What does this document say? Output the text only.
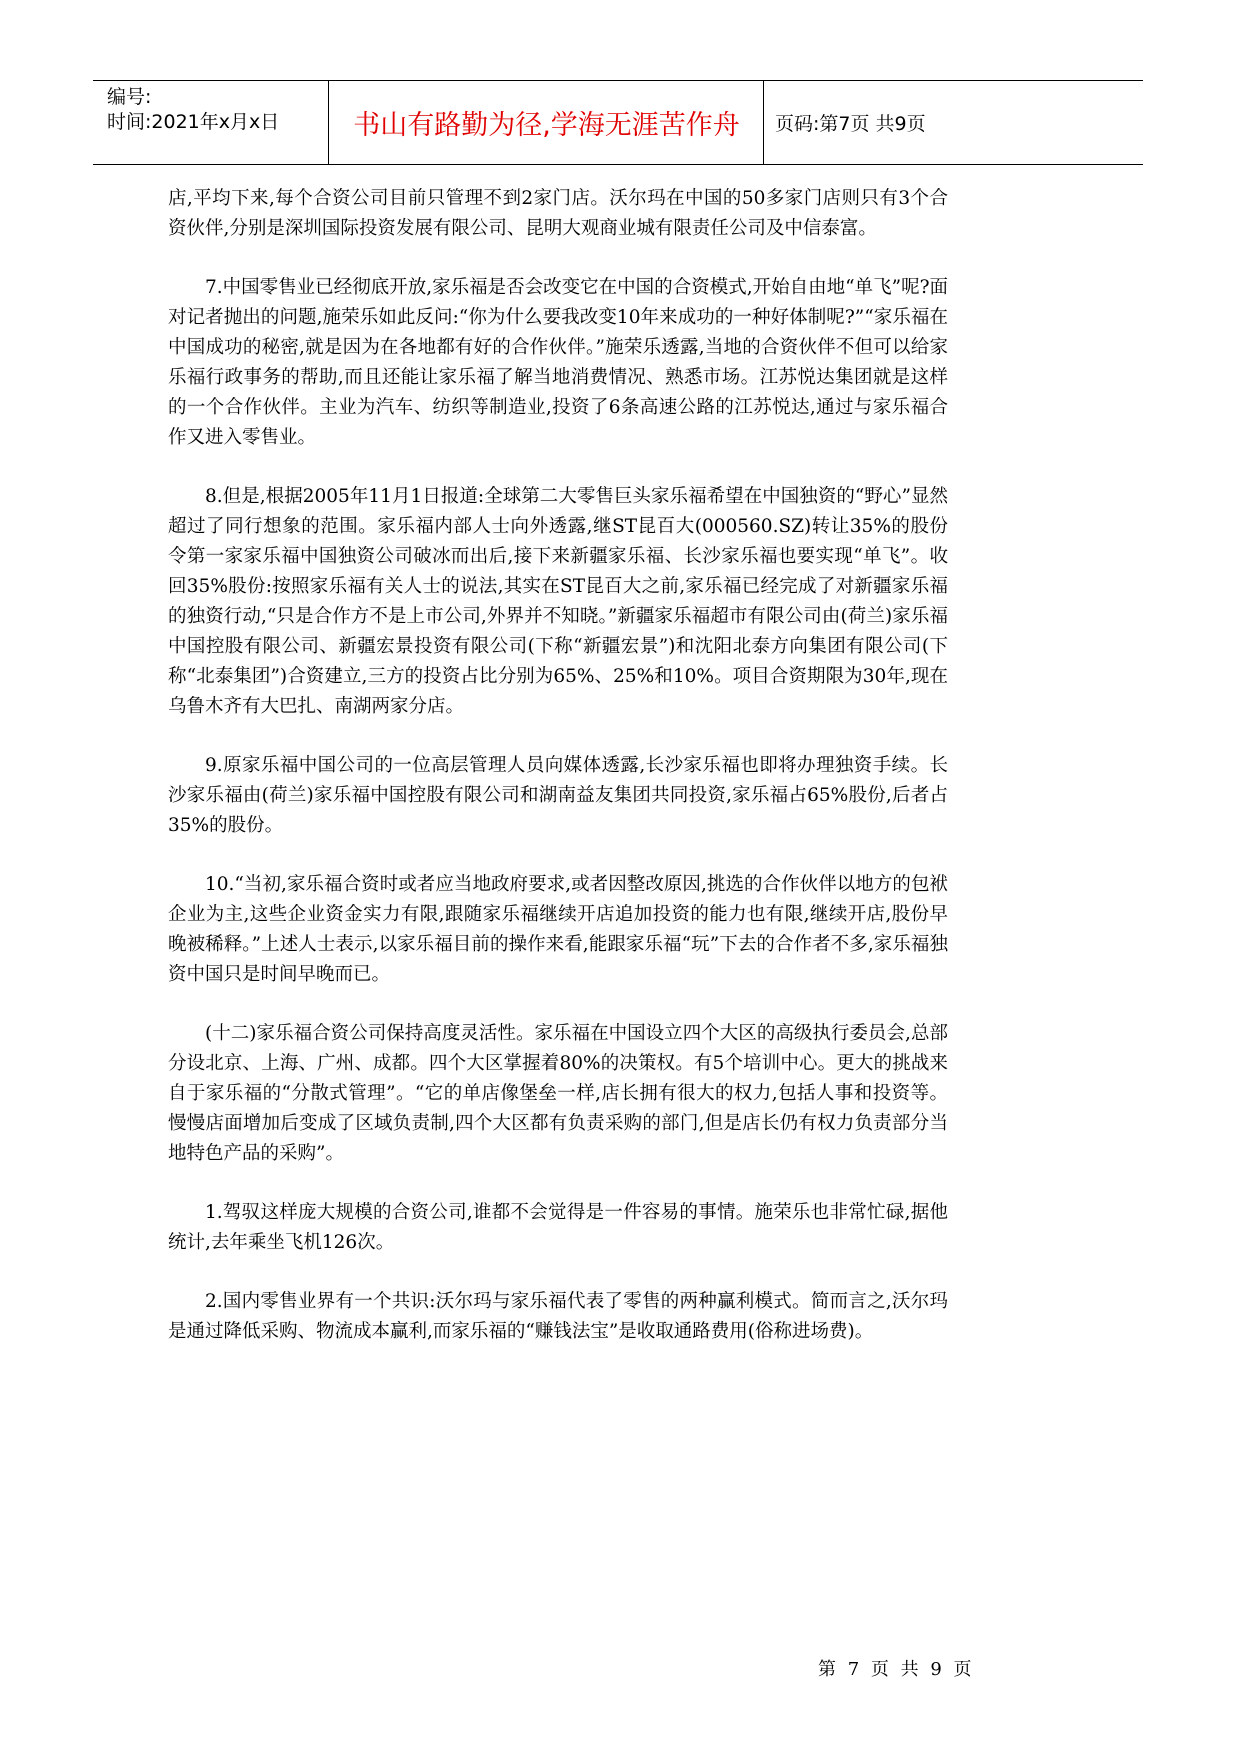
编号:
时间:2021年x月x日	书山有路勤为径,学海无涯苦作舟	页码:第7页 共9页

店,平均下来,每个合资公司目前只管理不到2家门店。沃尔玛在中国的50多家门店则只有3个合资伙伴,分别是深圳国际投资发展有限公司、昆明大观商业城有限责任公司及中信泰富。

7.中国零售业已经彻底开放,家乐福是否会改变它在中国的合资模式,开始自由地“单飞”呢?面对记者抛出的问题,施荣乐如此反问:“你为什么要我改变10年来成功的一种好体制呢?”“家乐福在中国成功的秘密,就是因为在各地都有好的合作伙伴。”施荣乐透露,当地的合资伙伴不但可以给家乐福行政事务的帮助,而且还能让家乐福了解当地消费情况、熟悉市场。江苏悦达集团就是这样的一个合作伙伴。主业为汽车、纺织等制造业,投资了6条高速公路的江苏悦达,通过与家乐福合作又进入零售业。

8.但是,根据2005年11月1日报道:全球第二大零售巨头家乐福希望在中国独资的“野心”显然超过了同行想象的范围。家乐福内部人士向外透露,继ST昆百大(000560.SZ)转让35%的股份令第一家家乐福中国独资公司破冰而出后,接下来新疆家乐福、长沙家乐福也要实现“单飞”。收回35%股份:按照家乐福有关人士的说法,其实在ST昆百大之前,家乐福已经完成了对新疆家乐福的独资行动,“只是合作方不是上市公司,外界并不知晓。”新疆家乐福超市有限公司由(荷兰)家乐福中国控股有限公司、新疆宏景投资有限公司(下称“新疆宏景”)和沈阳北泰方向集团有限公司(下称“北泰集团”)合资建立,三方的投资占比分别为65%、25%和10%。项目合资期限为30年,现在乌鲁木齐有大巴扎、南湖两家分店。

9.原家乐福中国公司的一位高层管理人员向媒体透露,长沙家乐福也即将办理独资手续。长沙家乐福由(荷兰)家乐福中国控股有限公司和湖南益友集团共同投资,家乐福占65%股份,后者占35%的股份。

10.“当初,家乐福合资时或者应当地政府要求,或者因整改原因,挑选的合作伙伴以地方的包袱企业为主,这些企业资金实力有限,跟随家乐福继续开店追加投资的能力也有限,继续开店,股份早晚被稀释。”上述人士表示,以家乐福目前的操作来看,能跟家乐福“玩”下去的合作者不多,家乐福独资中国只是时间早晚而已。

(十二)家乐福合资公司保持高度灵活性。家乐福在中国设立四个大区的高级执行委员会,总部分设北京、上海、广州、成都。四个大区掌握着80%的决策权。有5个培训中心。更大的挑战来自于家乐福的“分散式管理”。“它的单店像堡垒一样,店长拥有很大的权力,包括人事和投资等。慢慢店面增加后变成了区域负责制,四个大区都有负责采购的部门,但是店长仍有权力负责部分当地特色产品的采购”。

1.驾驭这样庞大规模的合资公司,谁都不会觉得是一件容易的事情。施荣乐也非常忙碌,据他统计,去年乘坐飞机126次。

2.国内零售业界有一个共识:沃尔玛与家乐福代表了零售的两种赢利模式。简而言之,沃尔玛是通过降低采购、物流成本赢利,而家乐福的“赚钱法宝”是收取通路费用(俗称进场费)。

第 7 页 共 9 页
